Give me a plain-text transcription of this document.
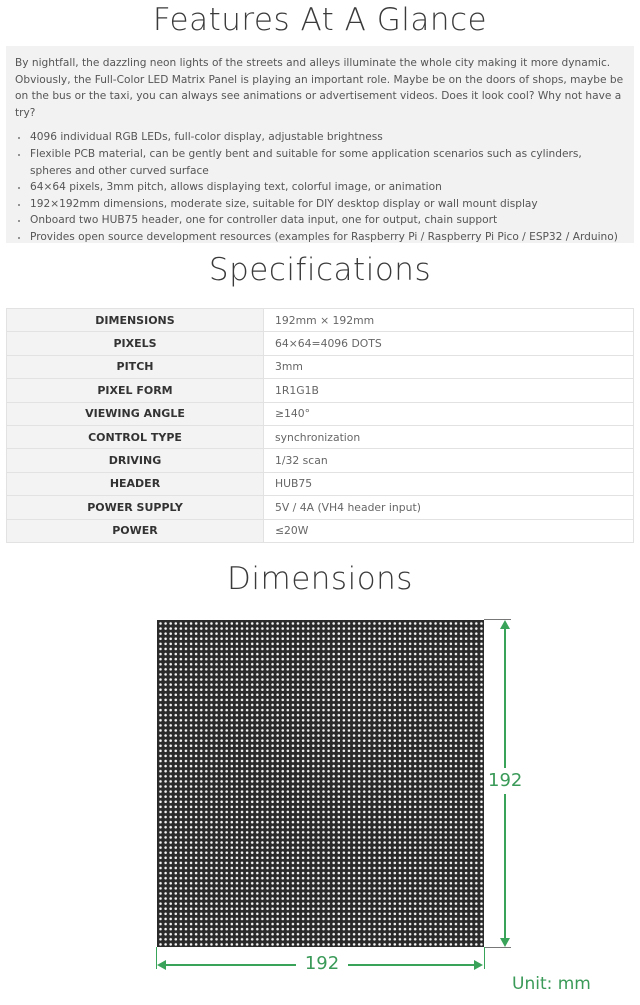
Features At A Glance

By nightfall, the dazzling neon lights of the streets and alleys illuminate the whole city making it more dynamic. Obviously, the Full-Color LED Matrix Panel is playing an important role. Maybe be on the doors of shops, maybe be on the bus or the taxi, you can always see animations or advertisement videos. Does it look cool? Why not have a try?

• 4096 individual RGB LEDs, full-color display, adjustable brightness
• Flexible PCB material, can be gently bent and suitable for some application scenarios such as cylinders, spheres and other curved surface
• 64×64 pixels, 3mm pitch, allows displaying text, colorful image, or animation
• 192×192mm dimensions, moderate size, suitable for DIY desktop display or wall mount display
• Onboard two HUB75 header, one for controller data input, one for output, chain support
• Provides open source development resources (examples for Raspberry Pi / Raspberry Pi Pico / ESP32 / Arduino)
Specifications
DIMENSIONS	192mm × 192mm
PIXELS	64×64=4096 DOTS
PITCH	3mm
PIXEL FORM	1R1G1B
VIEWING ANGLE	≥140°
CONTROL TYPE	synchronization
DRIVING	1/32 scan
HEADER	HUB75
POWER SUPPLY	5V / 4A (VH4 header input)
POWER	≤20W
Dimensions
192
192
Unit: mm
